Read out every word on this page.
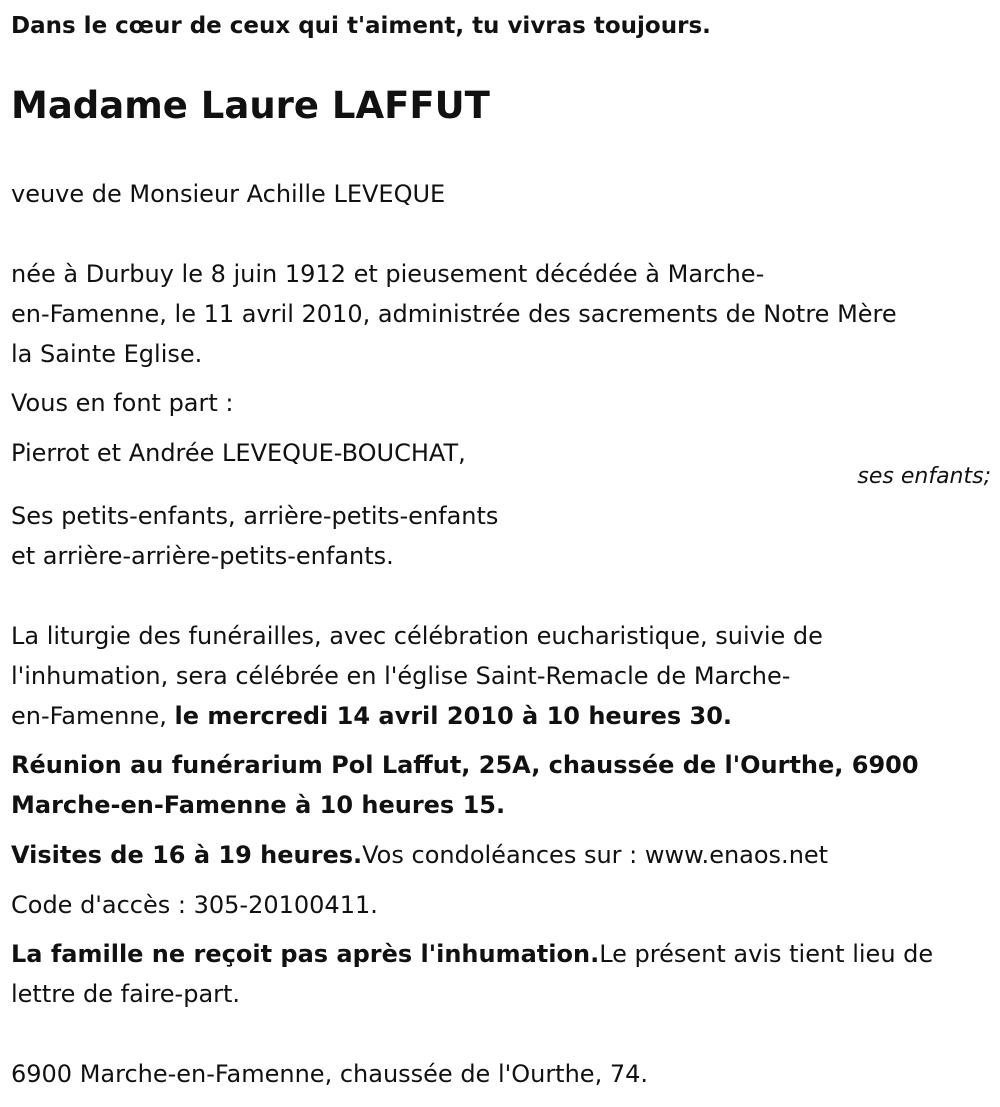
Dans le cœur de ceux qui t'aiment, tu vivras toujours.
Madame Laure LAFFUT
veuve de Monsieur Achille LEVEQUE
née à Durbuy le 8 juin 1912 et pieusement décédée à Marche-
en-Famenne, le 11 avril 2010, administrée des sacrements de Notre Mère
la Sainte Eglise.
Vous en font part :
Pierrot et Andrée LEVEQUE-BOUCHAT,
ses enfants;
Ses petits-enfants, arrière-petits-enfants
et arrière-arrière-petits-enfants.
La liturgie des funérailles, avec célébration eucharistique, suivie de
l'inhumation, sera célébrée en l'église Saint-Remacle de Marche-
en-Famenne, le mercredi 14 avril 2010 à 10 heures 30.
Réunion au funérarium Pol Laffut, 25A, chaussée de l'Ourthe, 6900
Marche-en-Famenne à 10 heures 15.
Visites de 16 à 19 heures.Vos condoléances sur : www.enaos.net
Code d'accès : 305-20100411.
La famille ne reçoit pas après l'inhumation.Le présent avis tient lieu de
lettre de faire-part.
6900 Marche-en-Famenne, chaussée de l'Ourthe, 74.
